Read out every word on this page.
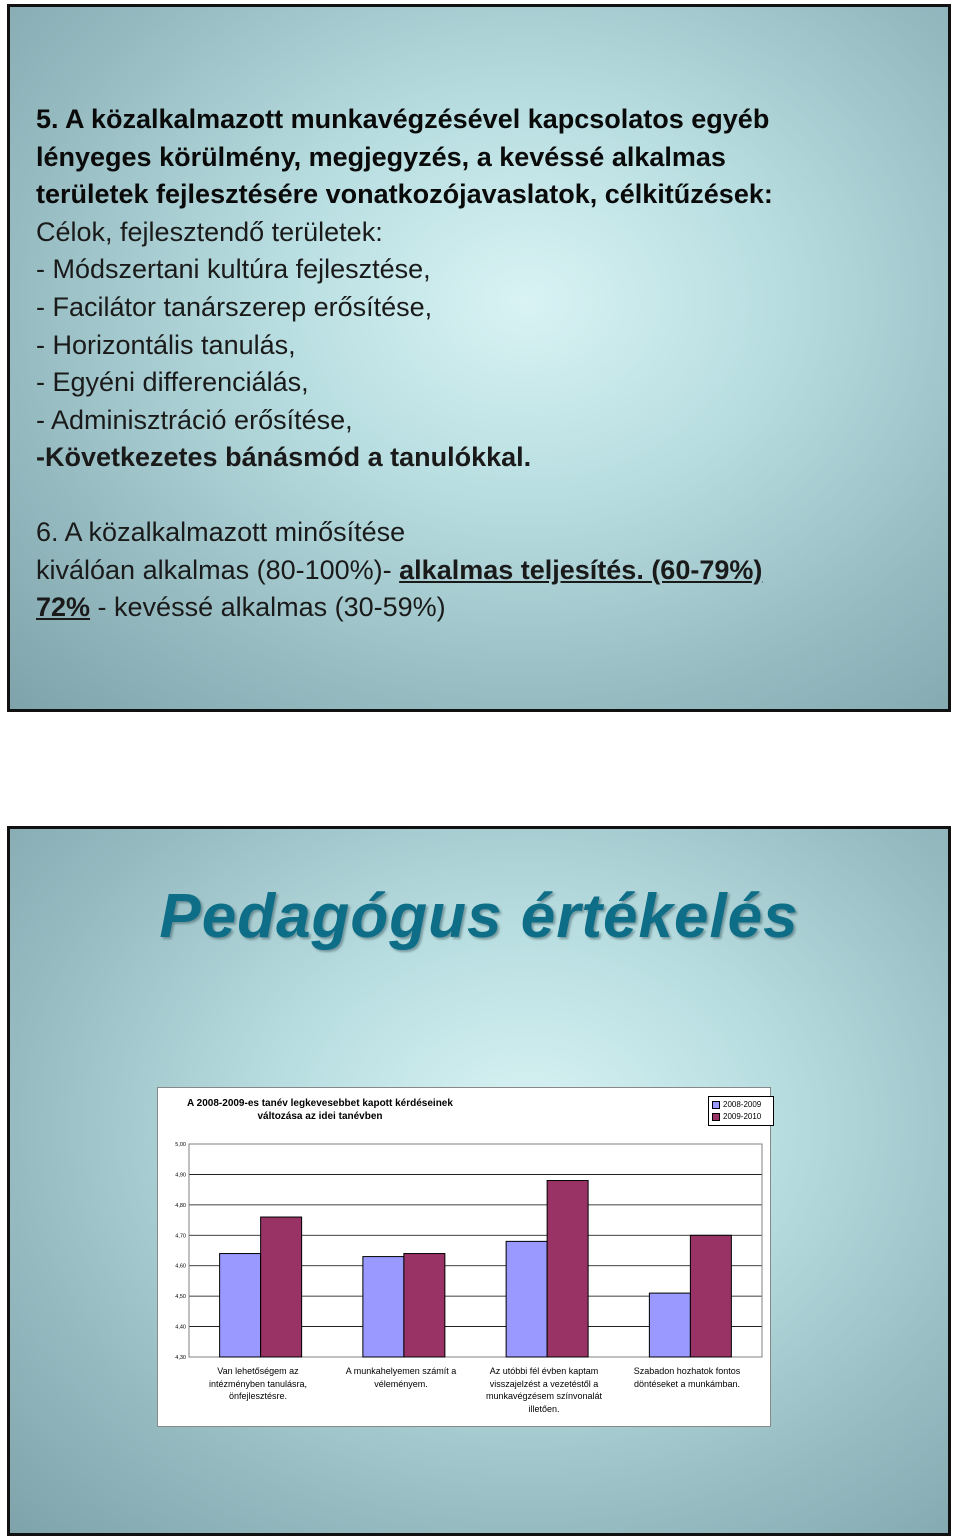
5. A közalkalmazott munkavégzésével kapcsolatos egyéb

lényeges körülmény, megjegyzés, a kevéssé alkalmas

területek fejlesztésére vonatkozójavaslatok, célkitűzések:

Célok, fejlesztendő területek:

- Módszertani kultúra fejlesztése,

- Facilátor tanárszerep erősítése,

- Horizontális tanulás,

- Egyéni differenciálás,

- Adminisztráció erősítése,

-Következetes bánásmód a tanulókkal.

6. A közalkalmazott minősítése

kiválóan alkalmas (80-100%)- alkalmas teljesítés. (60-79%)

72% - kevéssé alkalmas (30-59%)

Pedagógus értékelés
5,00
4,90
4,80
4,70
4,60
4,50
4,40
4,30
A 2008-2009-es tanév legkevesebbet kapott kérdéseinek változása az idei tanévben
2008-2009
2009-2010
Van lehetőségem az intézményben tanulásra, önfejlesztésre.
A munkahelyemen számít a véleményem.
Az utóbbi fél évben kaptam visszajelzést a vezetéstől a munkavégzésem színvonalát illetően.
Szabadon hozhatok fontos döntéseket a munkámban.
